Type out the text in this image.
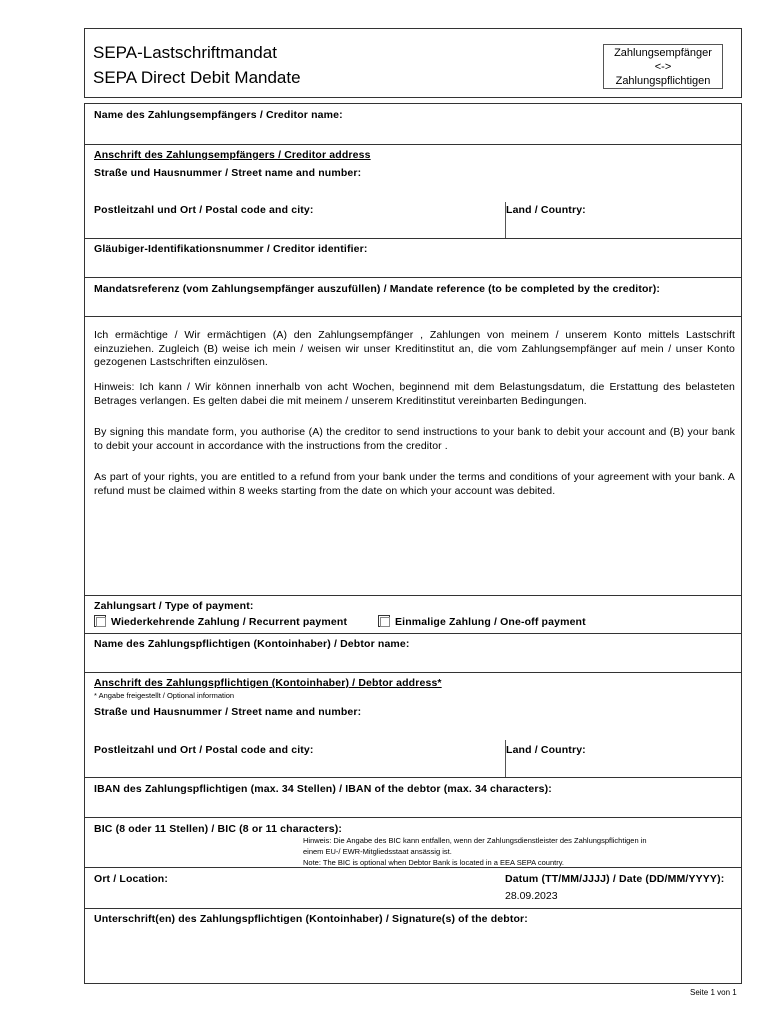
SEPA-Lastschriftmandat
SEPA Direct Debit Mandate
Zahlungsempfänger
<->
Zahlungspflichtigen
Name des Zahlungsempfängers / Creditor name:
Anschrift des Zahlungsempfängers / Creditor address
Straße und Hausnummer / Street name and number:
Postleitzahl und Ort / Postal code and city:	Land / Country:
Gläubiger-Identifikationsnummer / Creditor identifier:
Mandatsreferenz (vom Zahlungsempfänger auszufüllen) / Mandate reference (to be completed by the creditor):
Ich ermächtige / Wir ermächtigen (A) den Zahlungsempfänger , Zahlungen von meinem / unserem Konto mittels Lastschrift einzuziehen. Zugleich (B) weise ich mein / weisen wir unser Kreditinstitut an, die vom Zahlungsempfänger auf mein / unser Konto gezogenen Lastschriften einzulösen.
Hinweis: Ich kann / Wir können innerhalb von acht Wochen, beginnend mit dem Belastungsdatum, die Erstattung des belasteten Betrages verlangen. Es gelten dabei die mit meinem / unserem Kreditinstitut vereinbarten Bedingungen.
By signing this mandate form, you authorise (A) the creditor to send instructions to your bank to debit your account and (B) your bank to debit your account in accordance with the instructions from the creditor .
As part of your rights, you are entitled to a refund from your bank under the terms and conditions of your agreement with your bank. A refund must be claimed within 8 weeks starting from the date on which your account was debited.
Zahlungsart / Type of payment:
Wiederkehrende Zahlung / Recurrent payment	Einmalige Zahlung / One-off payment
Name des Zahlungspflichtigen (Kontoinhaber) / Debtor name:
Anschrift des Zahlungspflichtigen (Kontoinhaber) / Debtor address*
* Angabe freigestellt / Optional information
Straße und Hausnummer / Street name and number:
Postleitzahl und Ort / Postal code and city:	Land / Country:
IBAN des Zahlungspflichtigen (max. 34 Stellen) / IBAN of the debtor (max. 34 characters):
BIC (8 oder 11 Stellen) / BIC (8 or 11 characters):
Hinweis: Die Angabe des BIC kann entfallen, wenn der Zahlungsdienstleister des Zahlungspflichtigen in
einem EU-/ EWR-Mitgliedsstaat ansässig ist.
Note: The BIC is optional when Debtor Bank is located in a EEA SEPA country.
Ort / Location:	Datum (TT/MM/JJJJ) / Date (DD/MM/YYYY):
28.09.2023
Unterschrift(en) des Zahlungspflichtigen (Kontoinhaber) / Signature(s) of the debtor:
Seite 1 von 1
